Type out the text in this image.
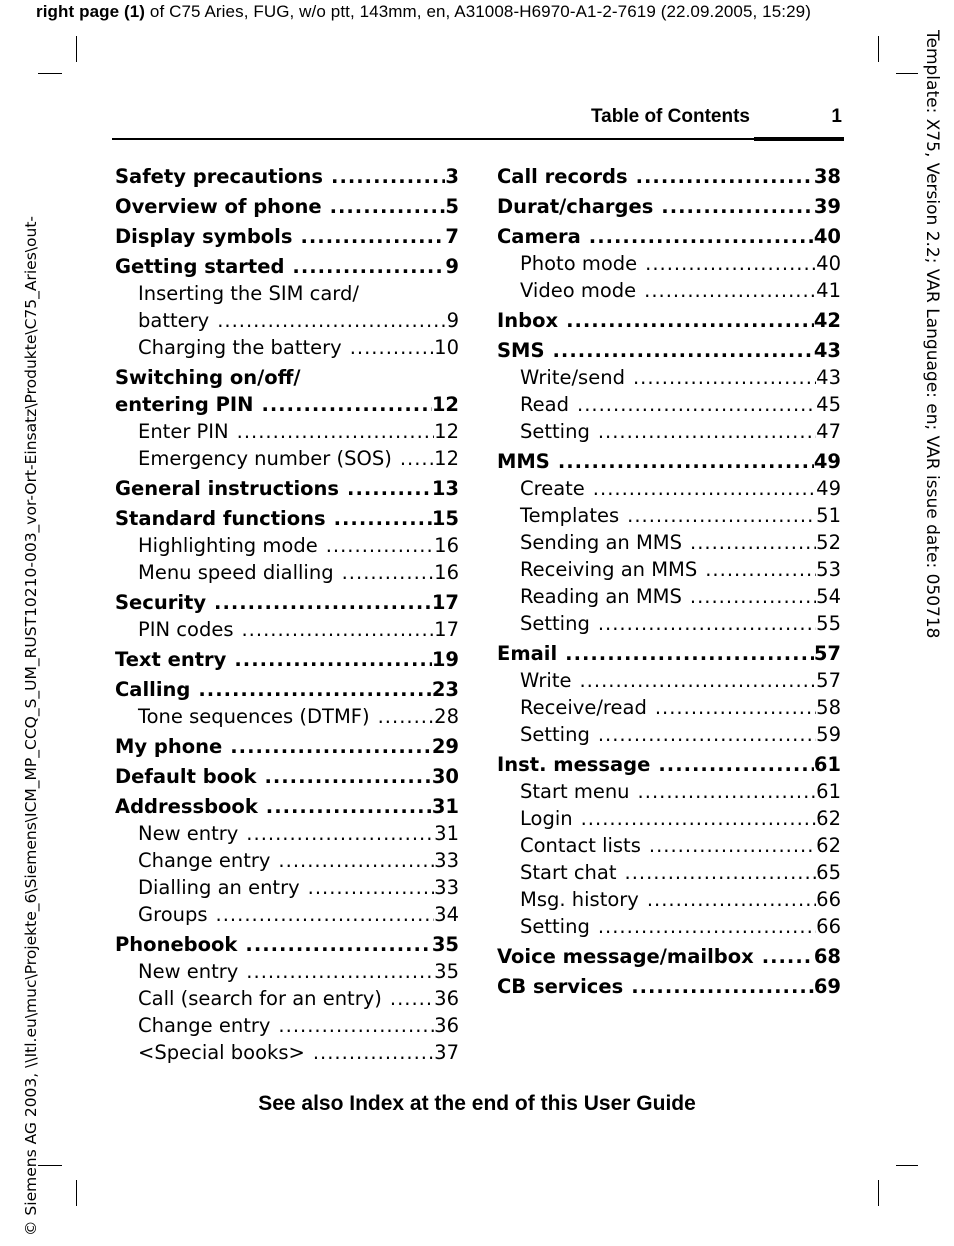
right page (1) of C75 Aries, FUG, w/o ptt, 143mm, en, A31008-H6970-A1-2-7619 (22.09.2005, 15:29)
Template: X75, Version 2.2; VAR Language: en; VAR issue date: 050718
© Siemens AG 2003, \\Itl.eu\muc\Projekte_6\Siemens\ICM_MP_CCQ_S_UM_RUST10210-003_vor-Ort-Einsatz\Produkte\C75_Aries\out-
Table of Contents	1
Safety precautions .....	3
Overview of phone .....	5
Display symbols .....	7
Getting started .....	9
Inserting the SIM card/
battery .....	9
Charging the battery .....	10
Switching on/off/
entering PIN .....	12
Enter PIN .....	12
Emergency number (SOS) ..... 12
General instructions .....	13
Standard functions .....	15
Highlighting mode .....	16
Menu speed dialling .....	16
Security .....	17
PIN codes .....	17
Text entry .....	19
Calling .....	23
Tone sequences (DTMF) .....	28
My phone .....	29
Default book .....	30
Addressbook .....	31
New entry .....	31
Change entry .....	33
Dialling an entry .....	33
Groups .....	34
Phonebook .....	35
New entry .....	35
Call (search for an entry) .....	36
Change entry .....	36
<Special books> .....	37
Call records .....	38
Durat/charges .....	39
Camera .....	40
Photo mode .....	40
Video mode .....	41
Inbox .....	42
SMS .....	43
Write/send .....	43
Read .....	45
Setting .....	47
MMS .....	49
Create .....	49
Templates .....	51
Sending an MMS .....	52
Receiving an MMS .....	53
Reading an MMS .....	54
Setting .....	55
Email .....	57
Write .....	57
Receive/read .....	58
Setting .....	59
Inst. message .....	61
Start menu .....	61
Login .....	62
Contact lists .....	62
Start chat .....	65
Msg. history .....	66
Setting .....	66
Voice message/mailbox .....	68
CB services .....	69
See also Index at the end of this User Guide
